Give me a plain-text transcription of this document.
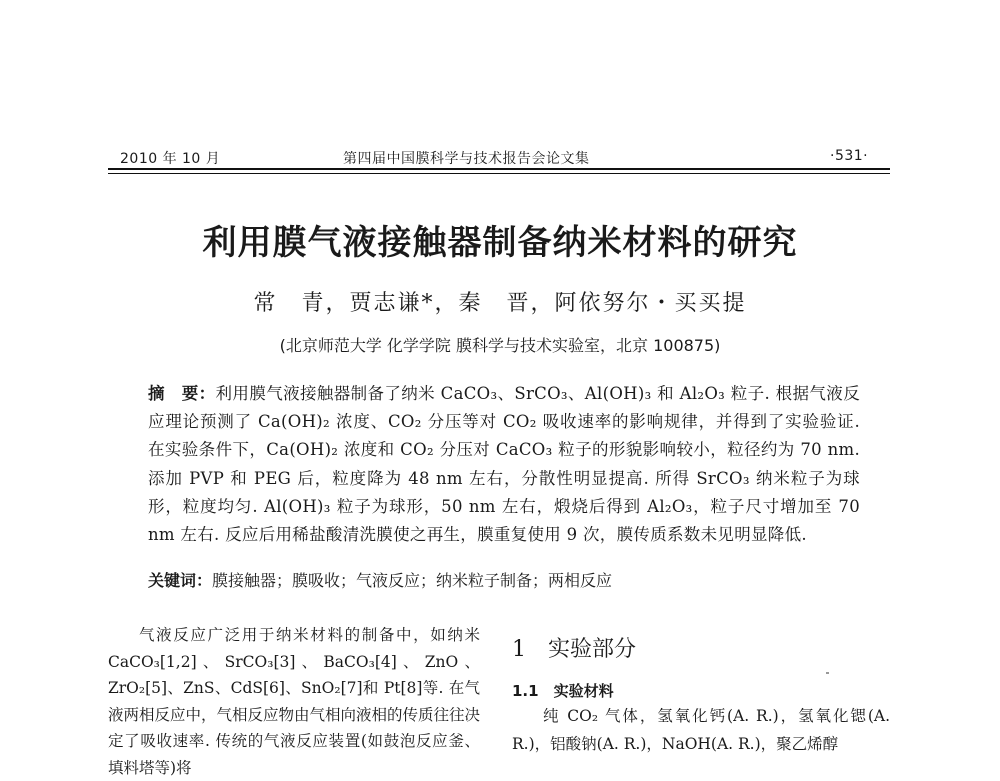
2010 年 10 月	第四届中国膜科学与技术报告会论文集	·531·
利用膜气液接触器制备纳米材料的研究
常　青，贾志谦*，秦　晋，阿依努尔・买买提
(北京师范大学 化学学院 膜科学与技术实验室，北京 100875)
摘　要：利用膜气液接触器制备了纳米 CaCO₃、SrCO₃、Al(OH)₃ 和 Al₂O₃ 粒子. 根据气液反应理论预测了 Ca(OH)₂ 浓度、CO₂ 分压等对 CO₂ 吸收速率的影响规律，并得到了实验验证. 在实验条件下，Ca(OH)₂ 浓度和 CO₂ 分压对 CaCO₃ 粒子的形貌影响较小，粒径约为 70 nm. 添加 PVP 和 PEG 后，粒度降为 48 nm 左右，分散性明显提高. 所得 SrCO₃ 纳米粒子为球形，粒度均匀. Al(OH)₃ 粒子为球形，50 nm 左右，煅烧后得到 Al₂O₃，粒子尺寸增加至 70 nm 左右. 反应后用稀盐酸清洗膜使之再生，膜重复使用 9 次，膜传质系数未见明显降低.
关键词：膜接触器；膜吸收；气液反应；纳米粒子制备；两相反应

气液反应广泛用于纳米材料的制备中，如纳米 CaCO₃[1,2]、SrCO₃[3]、BaCO₃[4]、ZnO、ZrO₂[5]、ZnS、CdS[6]、SnO₂[7]和 Pt[8]等. 在气液两相反应中，气相反应物由气相向液相的传质往往决定了吸收速率. 传统的气液反应装置(如鼓泡反应釜、填料塔等)将

1　 实验部分
1.1　 实验材料

纯 CO₂ 气体，氢氧化钙(A. R.)，氢氧化锶(A. R.)，铝酸钠(A. R.)，NaOH(A. R.)，聚乙烯醇
